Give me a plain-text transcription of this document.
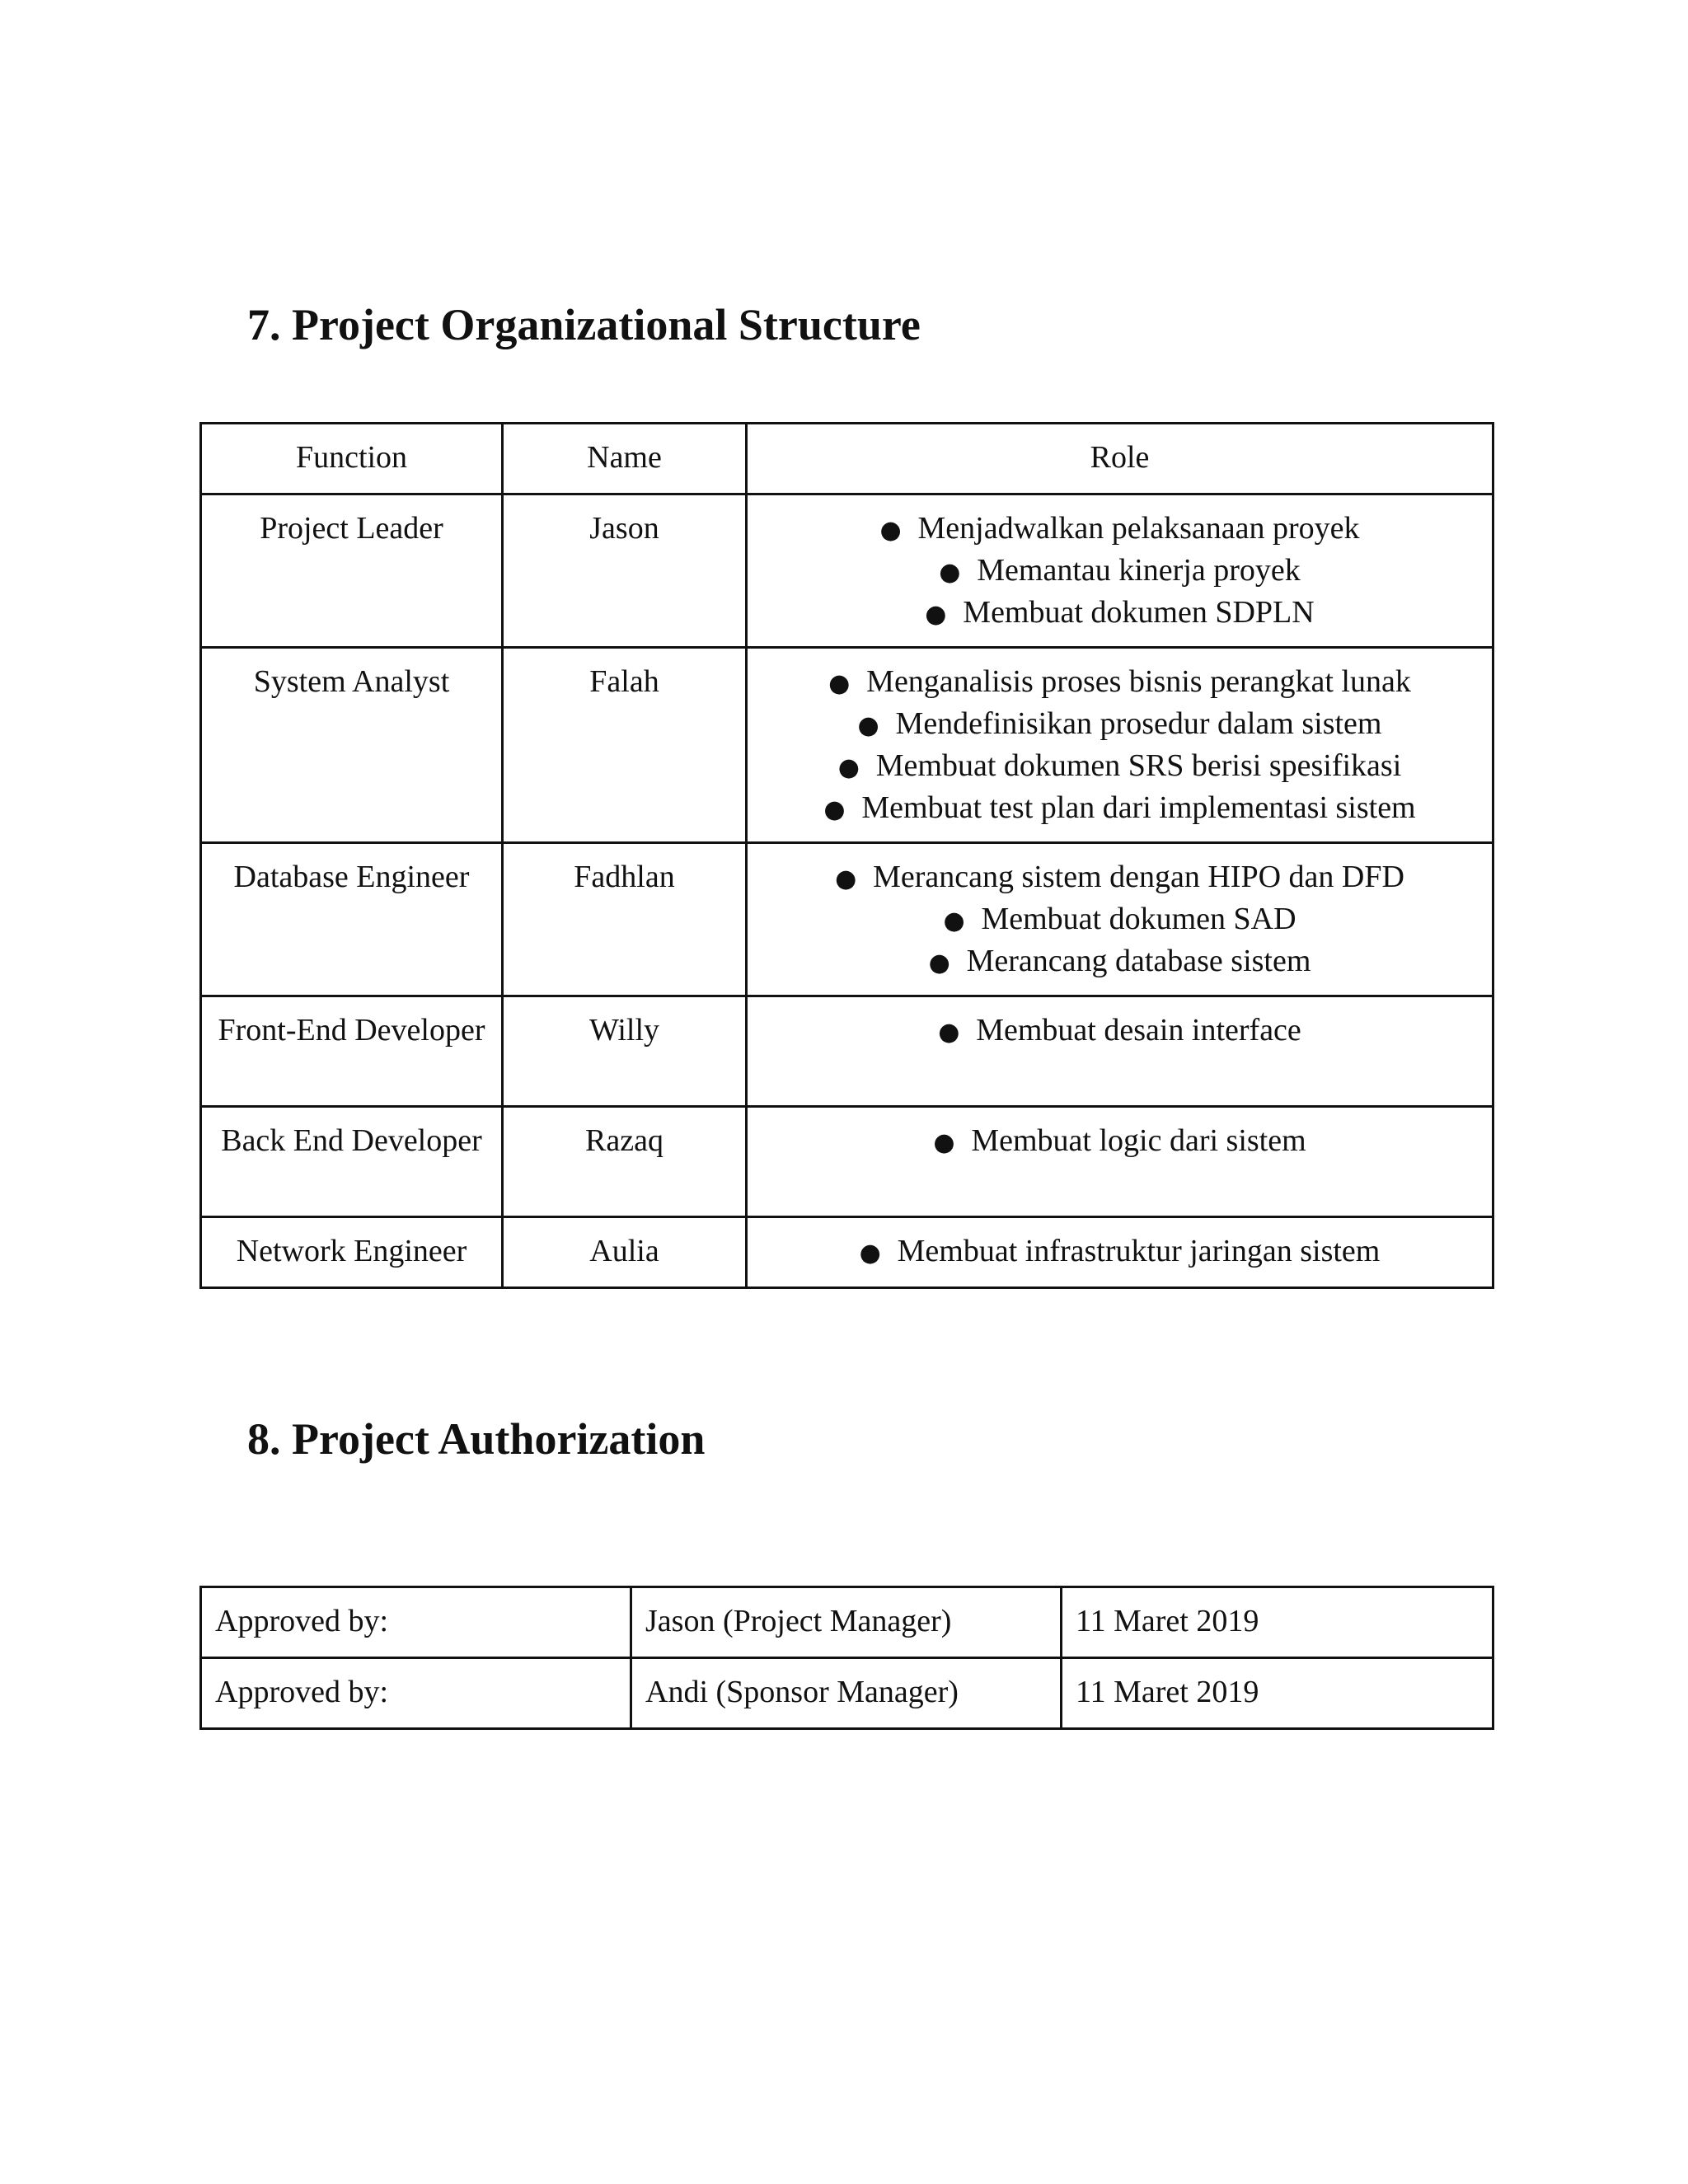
7. Project Organizational Structure
Function	Name	Role
Project Leader	Jason	● Menjadwalkan pelaksanaan proyek
● Memantau kinerja proyek
● Membuat dokumen SDPLN

System Analyst	Falah	● Menganalisis proses bisnis perangkat lunak
● Mendefinisikan prosedur dalam sistem
● Membuat dokumen SRS berisi spesifikasi
● Membuat test plan dari implementasi sistem

Database Engineer	Fadhlan	● Merancang sistem dengan HIPO dan DFD
● Membuat dokumen SAD
● Merancang database sistem

Front-End Developer	Willy	● Membuat desain interface

Back End Developer	Razaq	● Membuat logic dari sistem

Network Engineer	Aulia	● Membuat infrastruktur jaringan sistem
8. Project Authorization
Approved by:	Jason (Project Manager)	11 Maret 2019
Approved by:	Andi (Sponsor Manager)	11 Maret 2019
